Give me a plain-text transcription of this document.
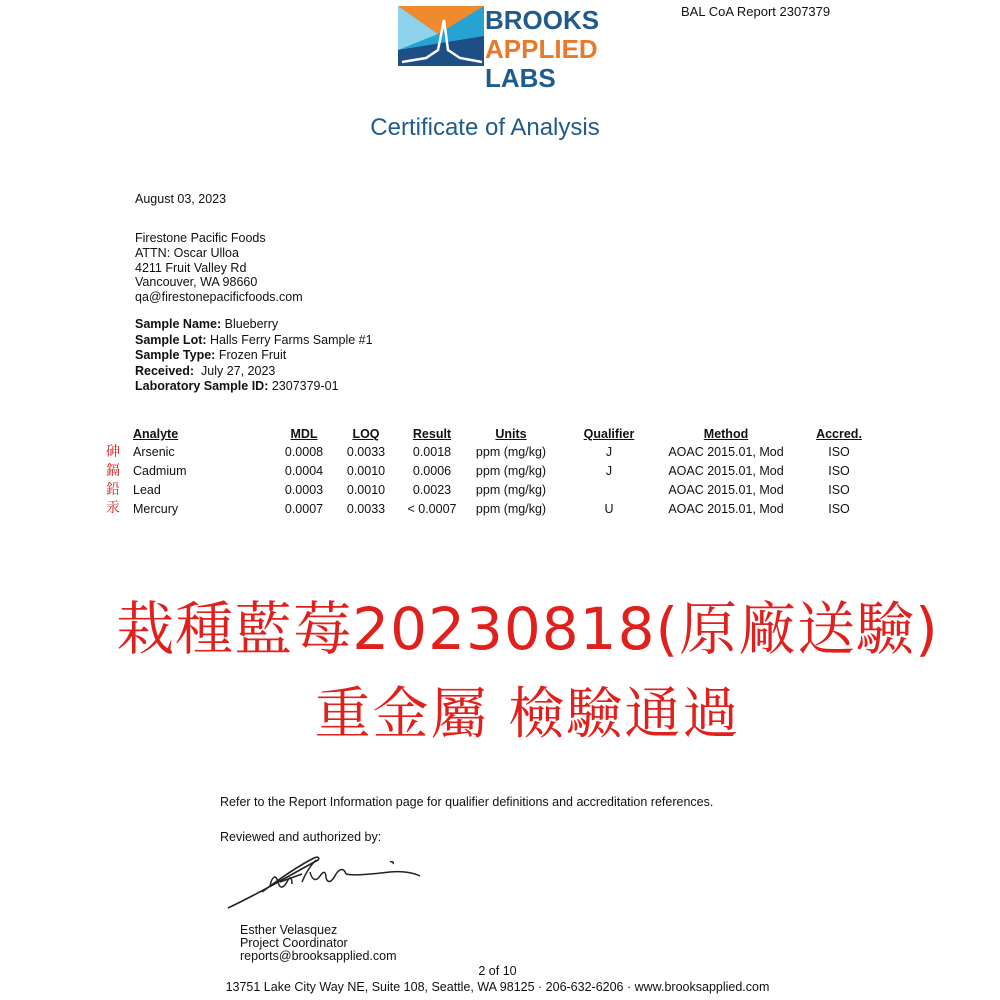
BAL CoA Report 2307379
BROOKS
APPLIED
LABS
Certificate of Analysis
August 03, 2023
Firestone Pacific Foods
ATTN: Oscar Ulloa
4211 Fruit Valley Rd
Vancouver, WA 98660
qa@firestonepacificfoods.com
Sample Name: Blueberry
Sample Lot: Halls Ferry Farms Sample #1
Sample Type: Frozen Fruit
Received:  July 27, 2023
Laboratory Sample ID: 2307379-01
砷
鎘
鉛
汞
Analyte	MDL	LOQ	Result	Units	Qualifier	Method	Accred.
Arsenic	0.0008	0.0033	0.0018	ppm (mg/kg)	J	AOAC 2015.01, Mod	ISO
Cadmium	0.0004	0.0010	0.0006	ppm (mg/kg)	J	AOAC 2015.01, Mod	ISO
Lead	0.0003	0.0010	0.0023	ppm (mg/kg)		AOAC 2015.01, Mod	ISO
Mercury	0.0007	0.0033	< 0.0007	ppm (mg/kg)	U	AOAC 2015.01, Mod	ISO
栽種藍莓20230818(原廠送驗)
重金屬 檢驗通過
Refer to the Report Information page for qualifier definitions and accreditation references.
Reviewed and authorized by:
Esther Velasquez
Project Coordinator
reports@brooksapplied.com
2 of 10
13751 Lake City Way NE, Suite 108, Seattle, WA 98125 · 206-632-6206 · www.brooksapplied.com
